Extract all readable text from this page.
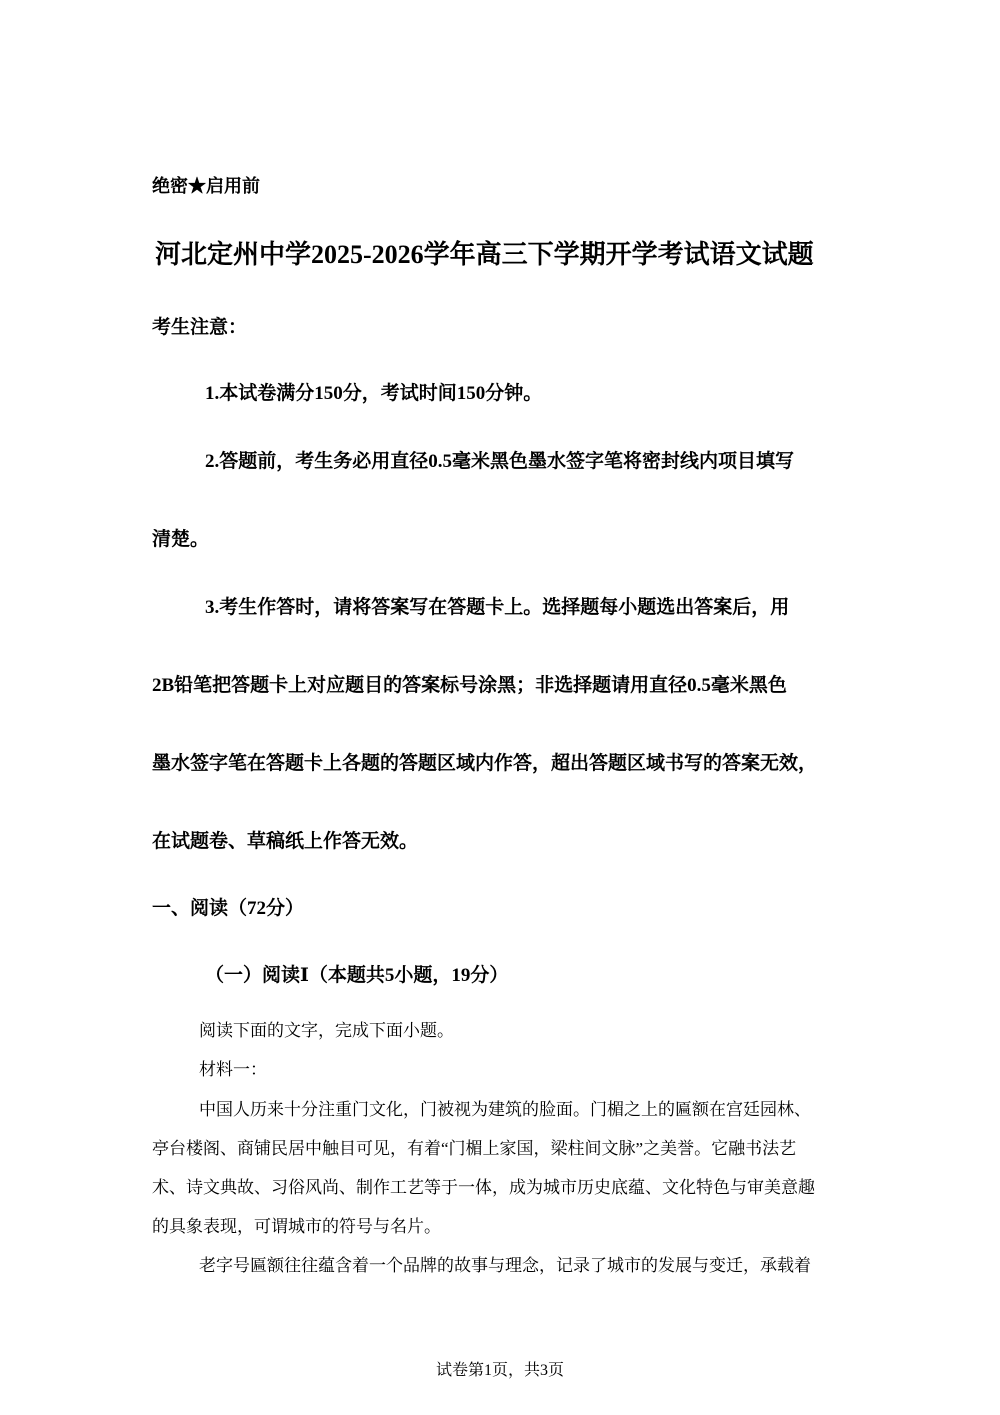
绝密★启用前

河北定州中学2025-2026学年高三下学期开学考试语文试题

考生注意：

1.本试卷满分150分，考试时间150分钟。

2.答题前，考生务必用直径0.5毫米黑色墨水签字笔将密封线内项目填写

清楚。

3.考生作答时，请将答案写在答题卡上。选择题每小题选出答案后，用

2B铅笔把答题卡上对应题目的答案标号涂黑；非选择题请用直径0.5毫米黑色

墨水签字笔在答题卡上各题的答题区域内作答，超出答题区域书写的答案无效，

在试题卷、草稿纸上作答无效。

一、阅读（72分）

（一）阅读Ⅰ（本题共5小题，19分）

阅读下面的文字，完成下面小题。

材料一：

中国人历来十分注重门文化，门被视为建筑的脸面。门楣之上的匾额在宫廷园林、

亭台楼阁、商铺民居中触目可见，有着“门楣上家国，梁柱间文脉”之美誉。它融书法艺

术、诗文典故、习俗风尚、制作工艺等于一体，成为城市历史底蕴、文化特色与审美意趣

的具象表现，可谓城市的符号与名片。

老字号匾额往往蕴含着一个品牌的故事与理念，记录了城市的发展与变迁，承载着

试卷第1页，共3页
